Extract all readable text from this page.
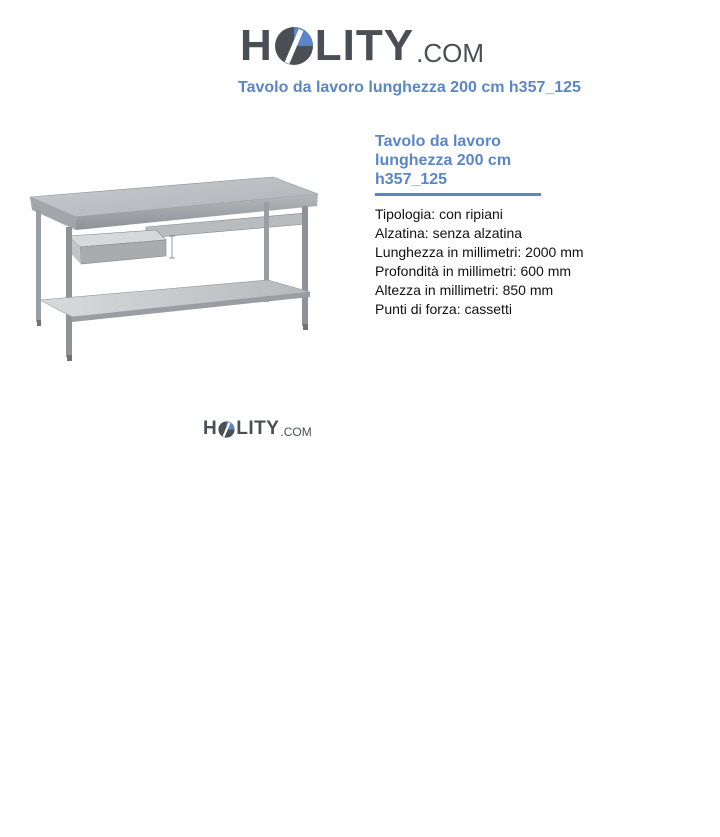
H LITY .COM
Tavolo da lavoro lunghezza 200 cm h357_125
H LITY .COM
Tavolo da lavoro lunghezza 200 cm h357_125
Tipologia: con ripiani
Alzatina: senza alzatina
Lunghezza in millimetri: 2000 mm
Profondità in millimetri: 600 mm
Altezza in millimetri: 850 mm
Punti di forza: cassetti
